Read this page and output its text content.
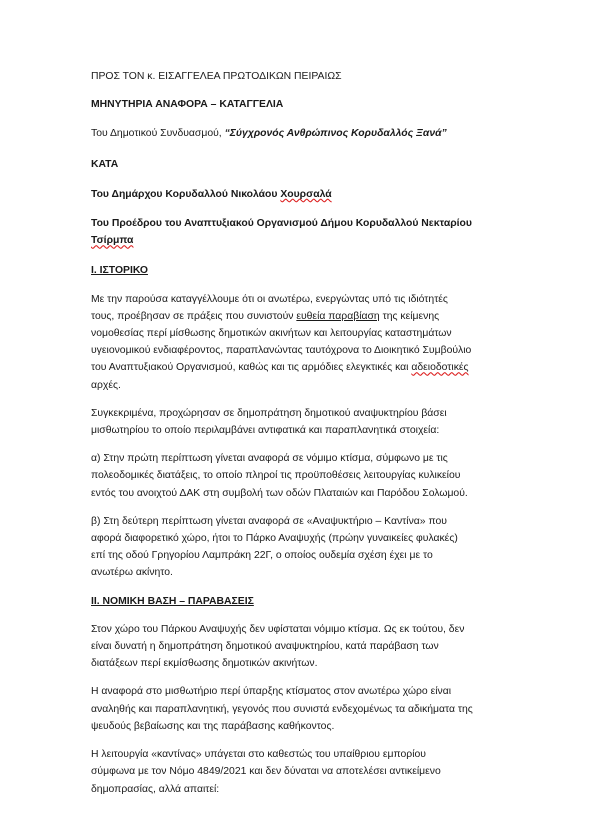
ΠΡΟΣ ΤΟΝ κ. ΕΙΣΑΓΓΕΛΕΑ ΠΡΩΤΟΔΙΚΩΝ ΠΕΙΡΑΙΩΣ

ΜΗΝΥΤΗΡΙΑ ΑΝΑΦΟΡΑ – ΚΑΤΑΓΓΕΛΙΑ

Του Δημοτικού Συνδυασμού, “Σύγχρονός Ανθρώπινος Κορυδαλλός Ξανά”

ΚΑΤΑ

Του Δημάρχου Κορυδαλλού Νικολάου Χουρσαλά

Του Προέδρου του Αναπτυξιακού Οργανισμού Δήμου Κορυδαλλού Νεκταρίου
Τσίρμπα

Ι. ΙΣΤΟΡΙΚΟ

Με την παρούσα καταγγέλλουμε ότι οι ανωτέρω, ενεργώντας υπό τις ιδιότητές
τους, προέβησαν σε πράξεις που συνιστούν ευθεία παραβίαση της κείμενης
νομοθεσίας περί μίσθωσης δημοτικών ακινήτων και λειτουργίας καταστημάτων
υγειονομικού ενδιαφέροντος, παραπλανώντας ταυτόχρονα το Διοικητικό Συμβούλιο
του Αναπτυξιακού Οργανισμού, καθώς και τις αρμόδιες ελεγκτικές και αδειοδοτικές
αρχές.

Συγκεκριμένα, προχώρησαν σε δημοπράτηση δημοτικού αναψυκτηρίου βάσει
μισθωτηρίου το οποίο περιλαμβάνει αντιφατικά και παραπλανητικά στοιχεία:

α) Στην πρώτη περίπτωση γίνεται αναφορά σε νόμιμο κτίσμα, σύμφωνο με τις
πολεοδομικές διατάξεις, το οποίο πληροί τις προϋποθέσεις λειτουργίας κυλικείου
εντός του ανοιχτού ΔΑΚ στη συμβολή των οδών Πλαταιών και Παρόδου Σολωμού.

β) Στη δεύτερη περίπτωση γίνεται αναφορά σε «Αναψυκτήριο – Καντίνα» που
αφορά διαφορετικό χώρο, ήτοι το Πάρκο Αναψυχής (πρώην γυναικείες φυλακές)
επί της οδού Γρηγορίου Λαμπράκη 22Γ, ο οποίος ουδεμία σχέση έχει με το
ανωτέρω ακίνητο.

ΙΙ. ΝΟΜΙΚΗ ΒΑΣΗ – ΠΑΡΑΒΑΣΕΙΣ

Στον χώρο του Πάρκου Αναψυχής δεν υφίσταται νόμιμο κτίσμα. Ως εκ τούτου, δεν
είναι δυνατή η δημοπράτηση δημοτικού αναψυκτηρίου, κατά παράβαση των
διατάξεων περί εκμίσθωσης δημοτικών ακινήτων.

Η αναφορά στο μισθωτήριο περί ύπαρξης κτίσματος στον ανωτέρω χώρο είναι
αναληθής και παραπλανητική, γεγονός που συνιστά ενδεχομένως τα αδικήματα της
ψευδούς βεβαίωσης και της παράβασης καθήκοντος.

Η λειτουργία «καντίνας» υπάγεται στο καθεστώς του υπαίθριου εμπορίου
σύμφωνα με τον Νόμο 4849/2021 και δεν δύναται να αποτελέσει αντικείμενο
δημοπρασίας, αλλά απαιτεί:
